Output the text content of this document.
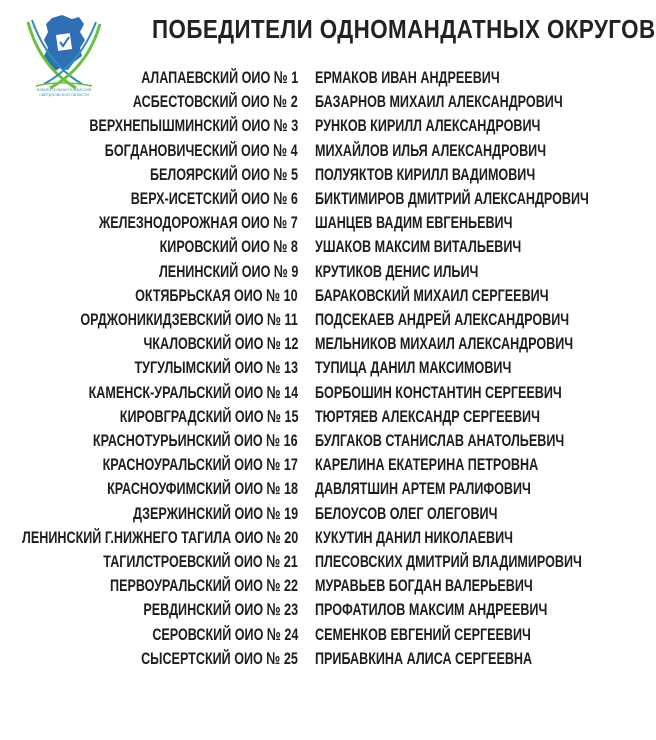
ИЗБИРАТЕЛЬНАЯ КОМИССИЯ
СВЕРДЛОВСКОЙ ОБЛАСТИ
ПОБЕДИТЕЛИ ОДНОМАНДАТНЫХ ОКРУГОВ
АЛАПАЕВСКИЙ ОИО № 1 ЕРМАКОВ ИВАН АНДРЕЕВИЧ
АСБЕСТОВСКИЙ ОИО № 2 БАЗАРНОВ МИХАИЛ АЛЕКСАНДРОВИЧ
ВЕРХНЕПЫШМИНСКИЙ ОИО № 3 РУНКОВ КИРИЛЛ АЛЕКСАНДРОВИЧ
БОГДАНОВИЧЕСКИЙ ОИО № 4 МИХАЙЛОВ ИЛЬЯ АЛЕКСАНДРОВИЧ
БЕЛОЯРСКИЙ ОИО № 5 ПОЛУЯКТОВ КИРИЛЛ ВАДИМОВИЧ
ВЕРХ-ИСЕТСКИЙ ОИО № 6 БИКТИМИРОВ ДМИТРИЙ АЛЕКСАНДРОВИЧ
ЖЕЛЕЗНОДОРОЖНАЯ ОИО № 7 ШАНЦЕВ ВАДИМ ЕВГЕНЬЕВИЧ
КИРОВСКИЙ ОИО № 8 УШАКОВ МАКСИМ ВИТАЛЬЕВИЧ
ЛЕНИНСКИЙ ОИО № 9 КРУТИКОВ ДЕНИС ИЛЬИЧ
ОКТЯБРЬСКАЯ ОИО № 10 БАРАКОВСКИЙ МИХАИЛ СЕРГЕЕВИЧ
ОРДЖОНИКИДЗЕВСКИЙ ОИО № 11 ПОДСЕКАЕВ АНДРЕЙ АЛЕКСАНДРОВИЧ
ЧКАЛОВСКИЙ ОИО № 12 МЕЛЬНИКОВ МИХАИЛ АЛЕКСАНДРОВИЧ
ТУГУЛЫМСКИЙ ОИО № 13 ТУПИЦА ДАНИЛ МАКСИМОВИЧ
КАМЕНСК-УРАЛЬСКИЙ ОИО № 14 БОРБОШИН КОНСТАНТИН СЕРГЕЕВИЧ
КИРОВГРАДСКИЙ ОИО № 15 ТЮРТЯЕВ АЛЕКСАНДР СЕРГЕЕВИЧ
КРАСНОТУРЬИНСКИЙ ОИО № 16 БУЛГАКОВ СТАНИСЛАВ АНАТОЛЬЕВИЧ
КРАСНОУРАЛЬСКИЙ ОИО № 17 КАРЕЛИНА ЕКАТЕРИНА ПЕТРОВНА
КРАСНОУФИМСКИЙ ОИО № 18 ДАВЛЯТШИН АРТЕМ РАЛИФОВИЧ
ДЗЕРЖИНСКИЙ ОИО № 19 БЕЛОУСОВ ОЛЕГ ОЛЕГОВИЧ
ЛЕНИНСКИЙ Г.НИЖНЕГО ТАГИЛА ОИО № 20 КУКУТИН ДАНИЛ НИКОЛАЕВИЧ
ТАГИЛСТРОЕВСКИЙ ОИО № 21 ПЛЕСОВСКИХ ДМИТРИЙ ВЛАДИМИРОВИЧ
ПЕРВОУРАЛЬСКИЙ ОИО № 22 МУРАВЬЕВ БОГДАН ВАЛЕРЬЕВИЧ
РЕВДИНСКИЙ ОИО № 23 ПРОФАТИЛОВ МАКСИМ АНДРЕЕВИЧ
СЕРОВСКИЙ ОИО № 24 СЕМЕНКОВ ЕВГЕНИЙ СЕРГЕЕВИЧ
СЫСЕРТСКИЙ ОИО № 25 ПРИБАВКИНА АЛИСА СЕРГЕЕВНА
